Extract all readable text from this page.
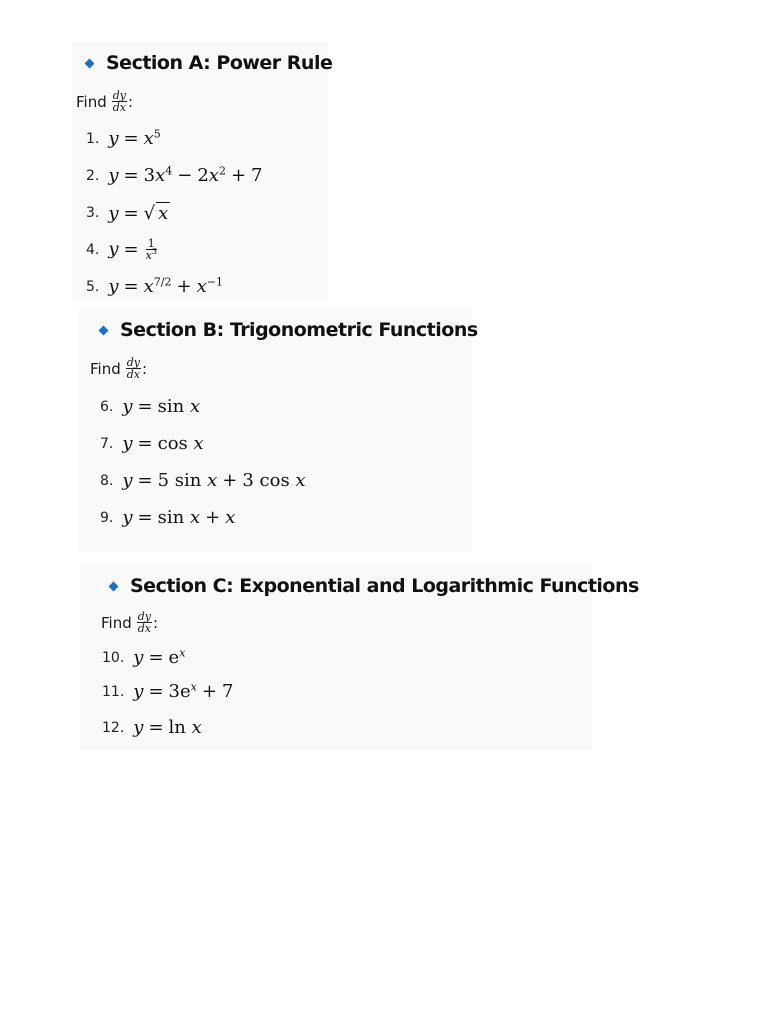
Section A: Power Rule
Find $\frac{dy}{dx}$ :
1. $y = x^5$
2. $y = 3x^4 - 2x^2 + 7$
3. y = √ x
4. $y = \frac{1}{x^3}$
5. $y = x^{7/2} + x^{-1}$
Section B: Trigonometric Functions
Find $\frac{dy}{dx}$ :
6. y = sin x
7. y = cos x
8. y = 5 sin x + 3 cos x
9. y = sin x + x
Section C: Exponential and Logarithmic Functions
Find $\frac{dy}{dx}$ :
10. $y = e^x$
11. $y = 3e^x + 7$
12. y = ln x
